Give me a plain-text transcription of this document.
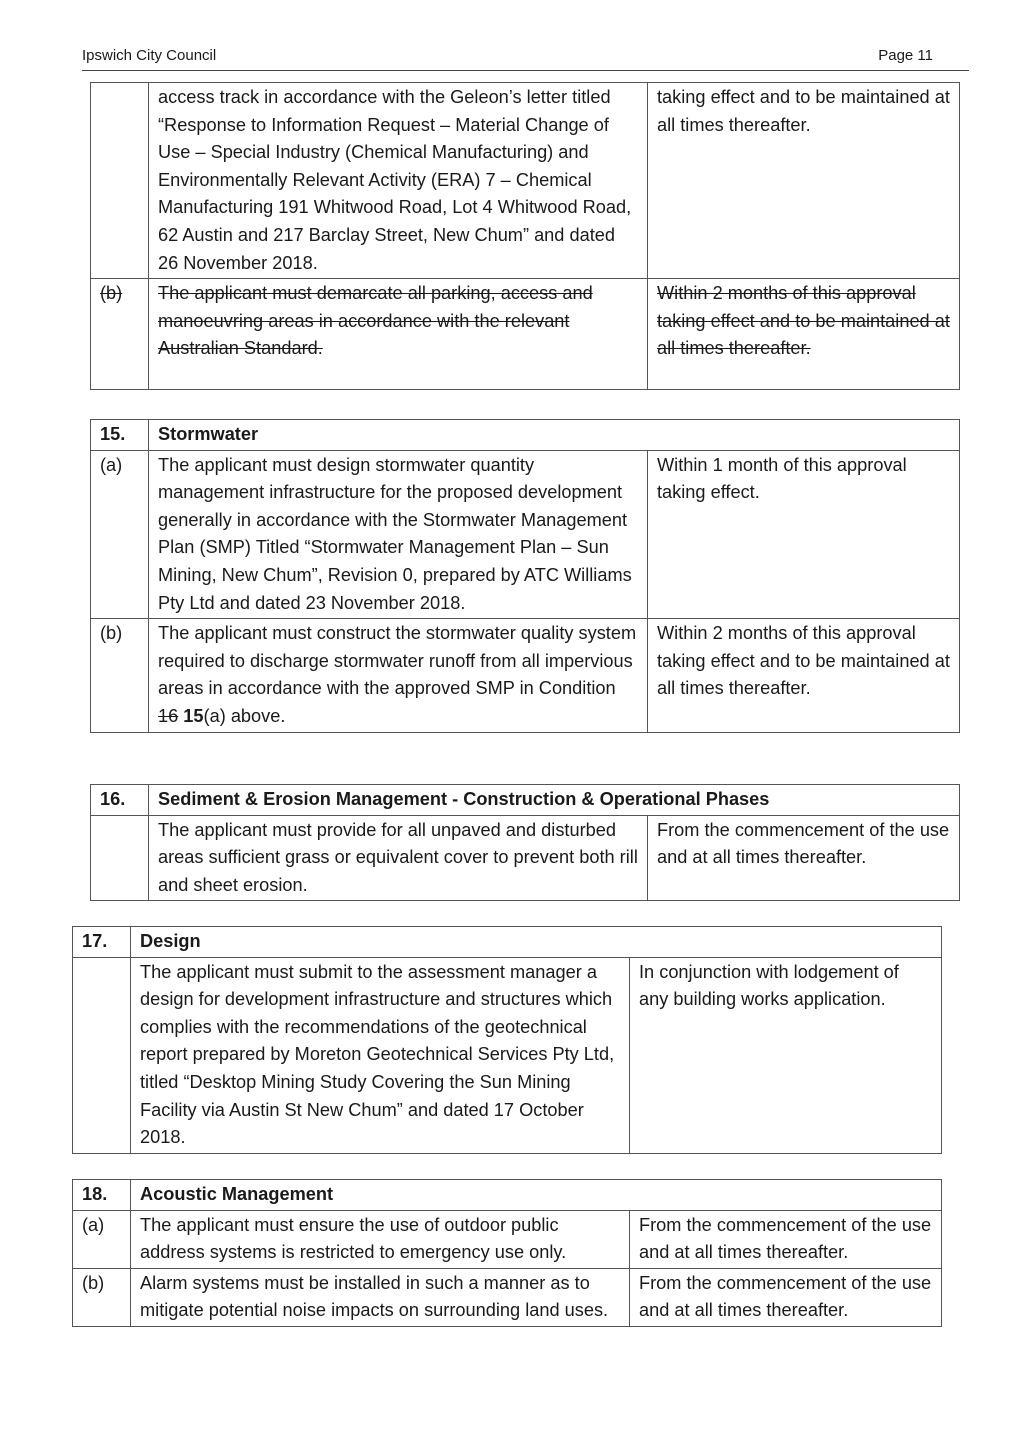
Ipswich City Council	Page 11
	access track in accordance with the Geleon’s letter titled “Response to Information Request – Material Change of Use – Special Industry (Chemical Manufacturing) and Environmentally Relevant Activity (ERA) 7 – Chemical Manufacturing 191 Whitwood Road, Lot 4 Whitwood Road, 62 Austin and 217 Barclay Street, New Chum” and dated 26 November 2018.	taking effect and to be maintained at all times thereafter.
(b)	The applicant must demarcate all parking, access and manoeuvring areas in accordance with the relevant Australian Standard.	Within 2 months of this approval taking effect and to be maintained at all times thereafter.
15.	Stormwater	
(a)	The applicant must design stormwater quantity management infrastructure for the proposed development generally in accordance with the Stormwater Management Plan (SMP) Titled “Stormwater Management Plan – Sun Mining, New Chum”, Revision 0, prepared by ATC Williams Pty Ltd and dated 23 November 2018.	Within 1 month of this approval taking effect.
(b)	The applicant must construct the stormwater quality system required to discharge stormwater runoff from all impervious areas in accordance with the approved SMP in Condition 16 15(a) above.	Within 2 months of this approval taking effect and to be maintained at all times thereafter.
16.	Sediment & Erosion Management - Construction & Operational Phases	
	The applicant must provide for all unpaved and disturbed areas sufficient grass or equivalent cover to prevent both rill and sheet erosion.	From the commencement of the use and at all times thereafter.
17.	Design	
	The applicant must submit to the assessment manager a design for development infrastructure and structures which complies with the recommendations of the geotechnical report prepared by Moreton Geotechnical Services Pty Ltd, titled “Desktop Mining Study Covering the Sun Mining Facility via Austin St New Chum” and dated 17 October 2018.	In conjunction with lodgement of any building works application.
18.	Acoustic Management	
(a)	The applicant must ensure the use of outdoor public address systems is restricted to emergency use only.	From the commencement of the use and at all times thereafter.
(b)	Alarm systems must be installed in such a manner as to mitigate potential noise impacts on surrounding land uses.	From the commencement of the use and at all times thereafter.
